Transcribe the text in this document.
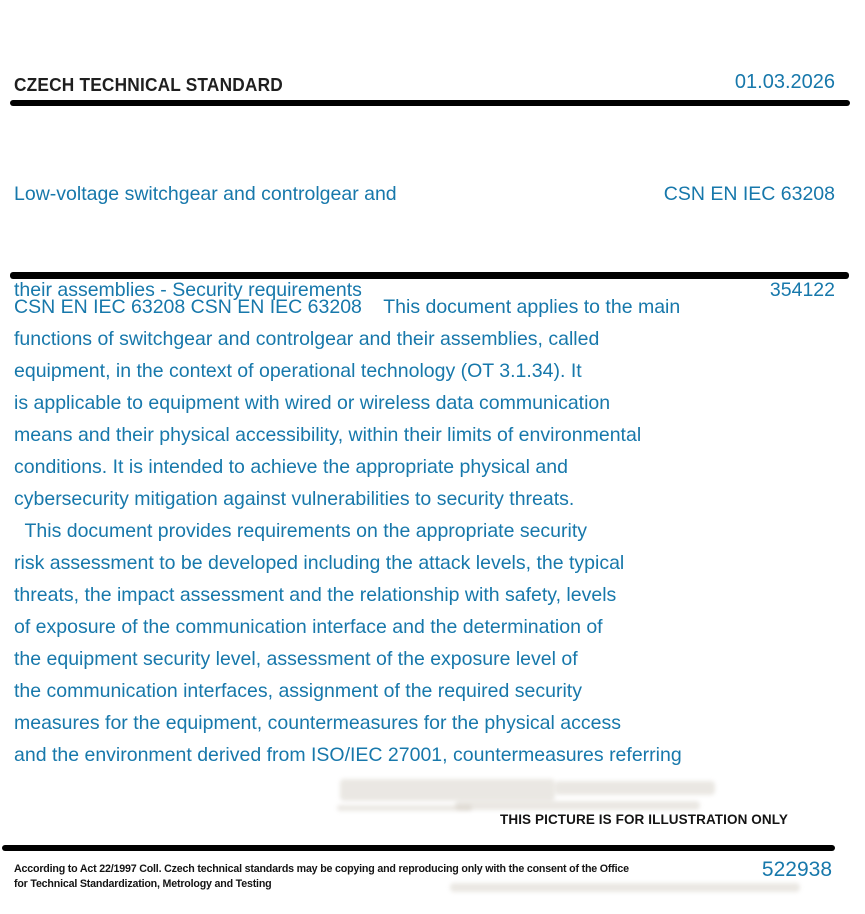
CZECH TECHNICAL STANDARD	01.03.2026

Low-voltage switchgear and controlgear and

their assemblies - Security requirements

CSN EN IEC 63208

354122

CSN EN IEC 63208 CSN EN IEC 63208    This document applies to the main
functions of switchgear and controlgear and their assemblies, called
equipment, in the context of operational technology (OT 3.1.34). It
is applicable to equipment with wired or wireless data communication
means and their physical accessibility, within their limits of environmental
conditions. It is intended to achieve the appropriate physical and
cybersecurity mitigation against vulnerabilities to security threats.
This document provides requirements on the appropriate security
risk assessment to be developed including the attack levels, the typical
threats, the impact assessment and the relationship with safety, levels
of exposure of the communication interface and the determination of
the equipment security level, assessment of the exposure level of
the communication interfaces, assignment of the required security
measures for the equipment, countermeasures for the physical access
and the environment derived from ISO/IEC 27001, countermeasures referring
THIS PICTURE IS FOR ILLUSTRATION ONLY
According to Act 22/1997 Coll. Czech technical standards may be copying and reproducing only with the consent of the Office
for Technical Standardization, Metrology and Testing
522938
